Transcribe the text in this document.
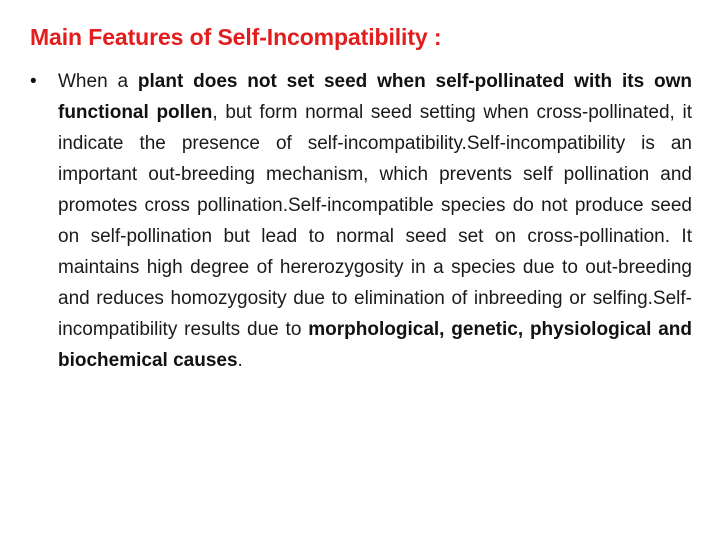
Main Features of Self-Incompatibility :
• When a plant does not set seed when self-pollinated with its own functional pollen, but form normal seed setting when cross-pollinated, it indicate the presence of self-incompatibility.Self-incompatibility is an important out-breeding mechanism, which prevents self pollination and promotes cross pollination.Self-incompatible species do not produce seed on self-pollination but lead to normal seed set on cross-pollination. It maintains high degree of hererozygosity in a species due to out-breeding and reduces homozygosity due to elimination of inbreeding or selfing.Self-incompatibility results due to morphological, genetic, physiological and biochemical causes.
